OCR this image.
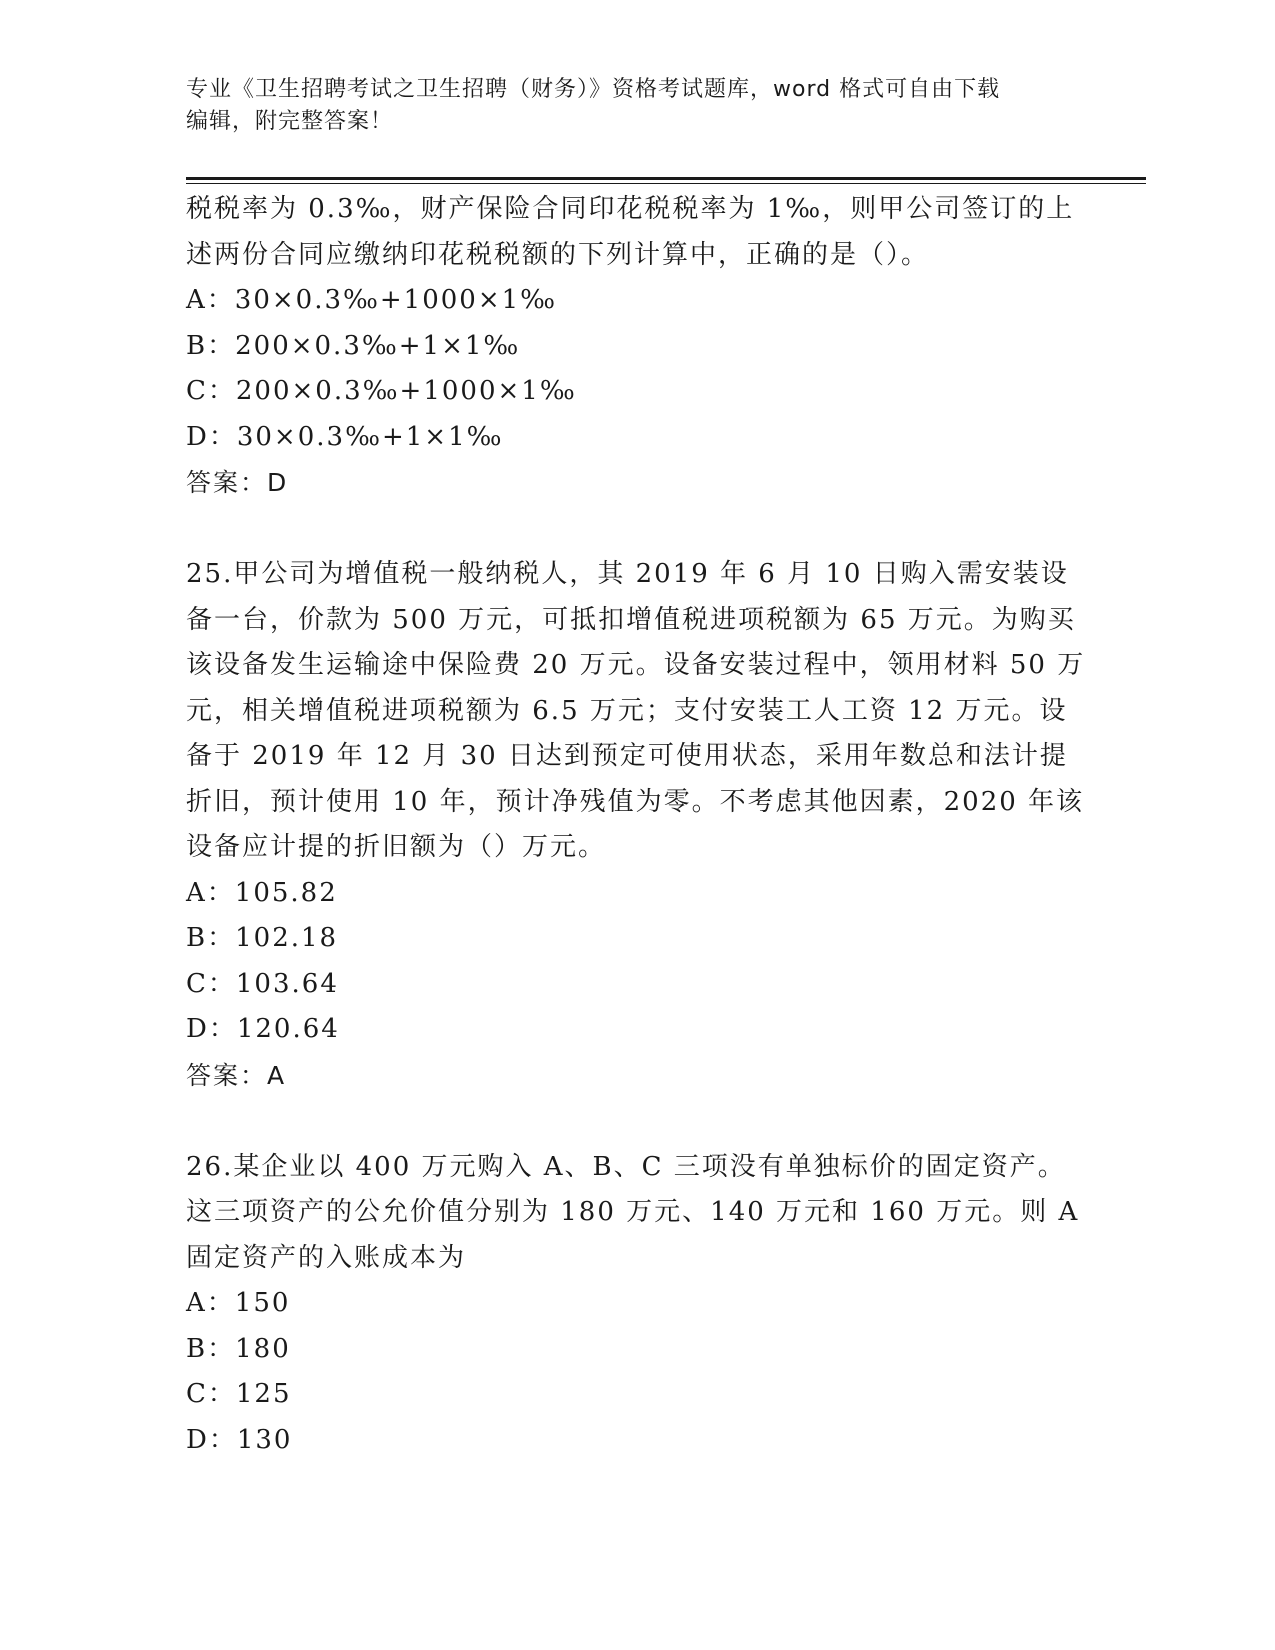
专业《卫生招聘考试之卫生招聘（财务）》资格考试题库，word 格式可自由下载
编辑，附完整答案！

税税率为 0.3‰，财产保险合同印花税税率为 1‰，则甲公司签订的上述两份合同应缴纳印花税税额的下列计算中，正确的是（）。

A：30×0.3‰+1000×1‰

B：200×0.3‰+1×1‰

C：200×0.3‰+1000×1‰

D：30×0.3‰+1×1‰

答案：D

25.甲公司为增值税一般纳税人，其 2019 年 6 月 10 日购入需安装设备一台，价款为 500 万元，可抵扣增值税进项税额为 65 万元。为购买该设备发生运输途中保险费 20 万元。设备安装过程中，领用材料 50 万元，相关增值税进项税额为 6.5 万元；支付安装工人工资 12 万元。设备于 2019 年 12 月 30 日达到预定可使用状态，采用年数总和法计提折旧，预计使用 10 年，预计净残值为零。不考虑其他因素，2020 年该设备应计提的折旧额为（）万元。

A：105.82

B：102.18

C：103.64

D：120.64

答案：A

26.某企业以 400 万元购入 A、B、C 三项没有单独标价的固定资产。这三项资产的公允价值分别为 180 万元、140 万元和 160 万元。则 A 固定资产的入账成本为

A：150

B：180

C：125

D：130
